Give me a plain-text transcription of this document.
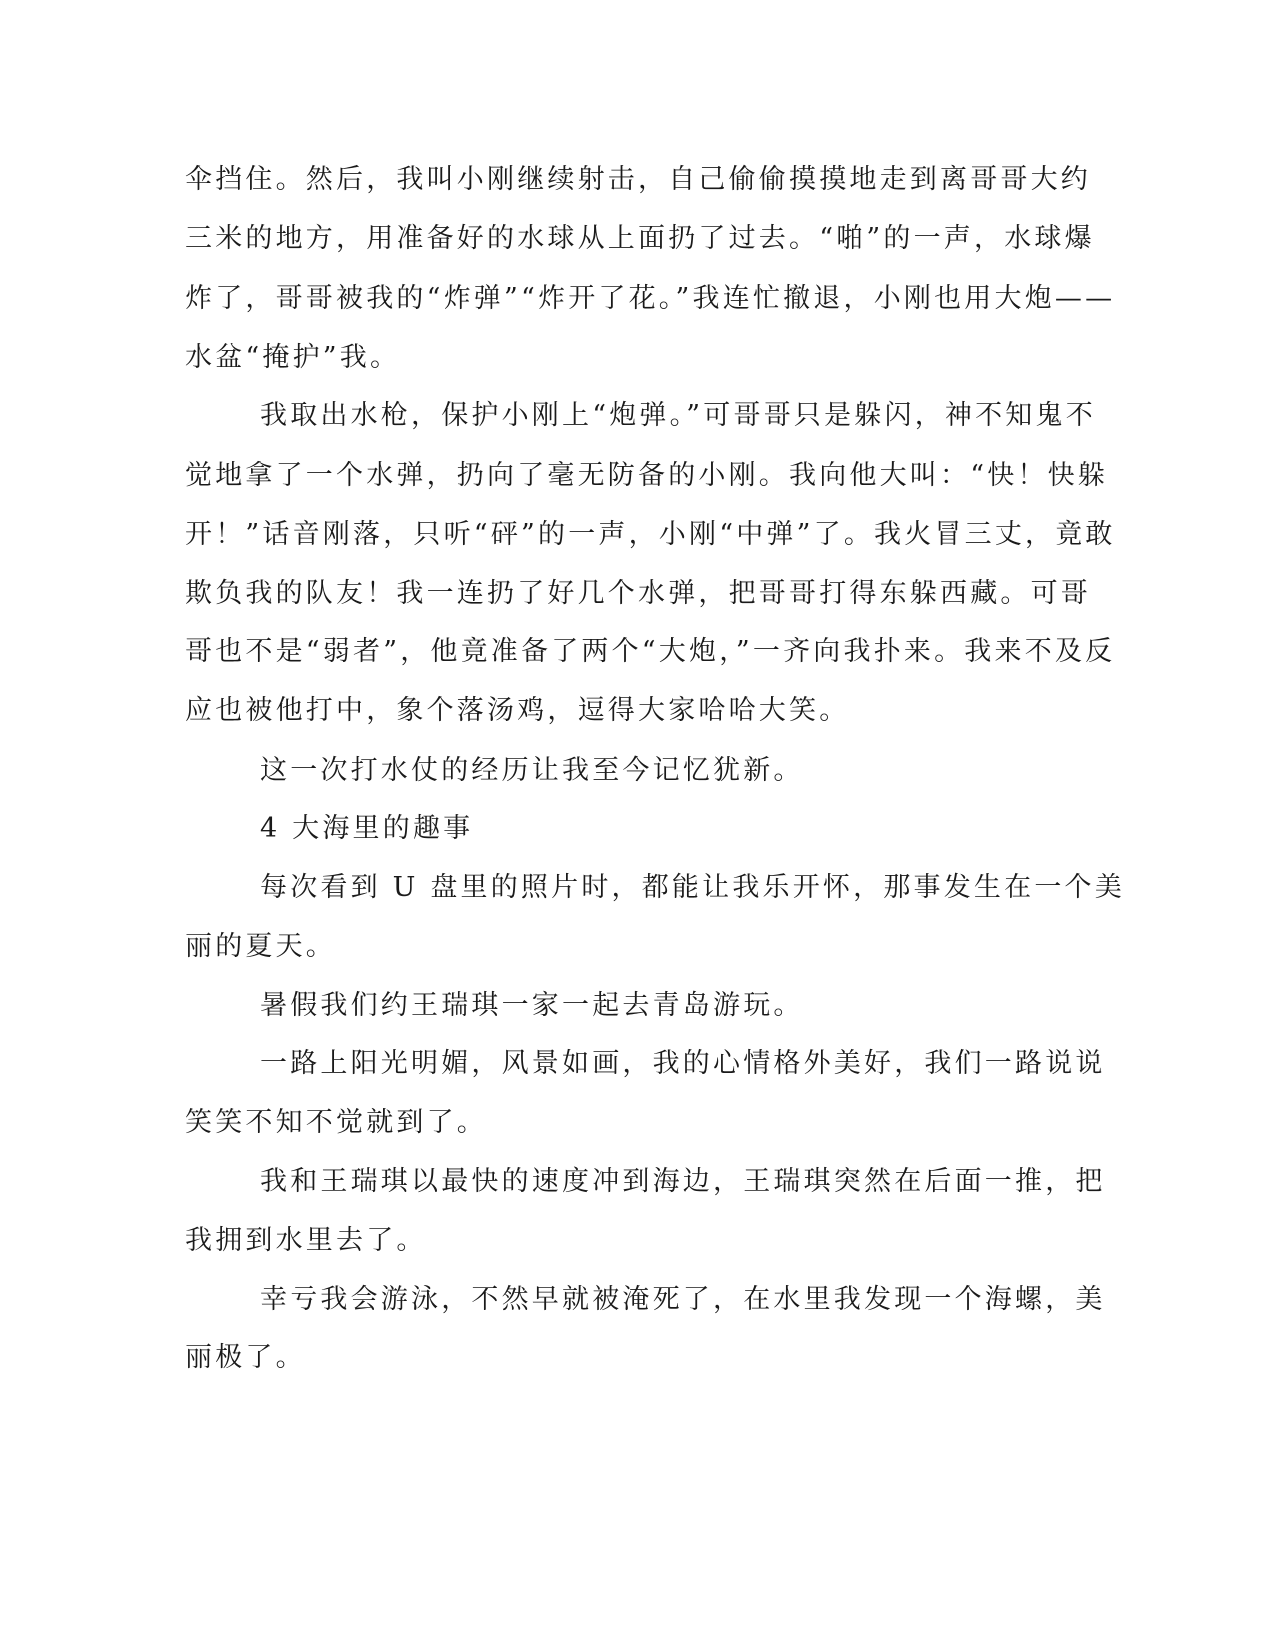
伞挡住。然后，我叫小刚继续射击，自己偷偷摸摸地走到离哥哥大约
三米的地方，用准备好的水球从上面扔了过去。“啪”的一声，水球爆
炸了，哥哥被我的“炸弹”“炸开了花。”我连忙撤退，小刚也用大炮——
水盆“掩护”我。
我取出水枪，保护小刚上“炮弹。”可哥哥只是躲闪，神不知鬼不
觉地拿了一个水弹，扔向了毫无防备的小刚。我向他大叫：“快！快躲
开！”话音刚落，只听“砰”的一声，小刚“中弹”了。我火冒三丈，竟敢
欺负我的队友！我一连扔了好几个水弹，把哥哥打得东躲西藏。可哥
哥也不是“弱者”，他竟准备了两个“大炮，”一齐向我扑来。我来不及反
应也被他打中，象个落汤鸡，逗得大家哈哈大笑。
这一次打水仗的经历让我至今记忆犹新。
4 大海里的趣事
每次看到 U 盘里的照片时，都能让我乐开怀，那事发生在一个美
丽的夏天。
暑假我们约王瑞琪一家一起去青岛游玩。
一路上阳光明媚，风景如画，我的心情格外美好，我们一路说说
笑笑不知不觉就到了。
我和王瑞琪以最快的速度冲到海边，王瑞琪突然在后面一推，把
我拥到水里去了。
幸亏我会游泳，不然早就被淹死了，在水里我发现一个海螺，美
丽极了。
